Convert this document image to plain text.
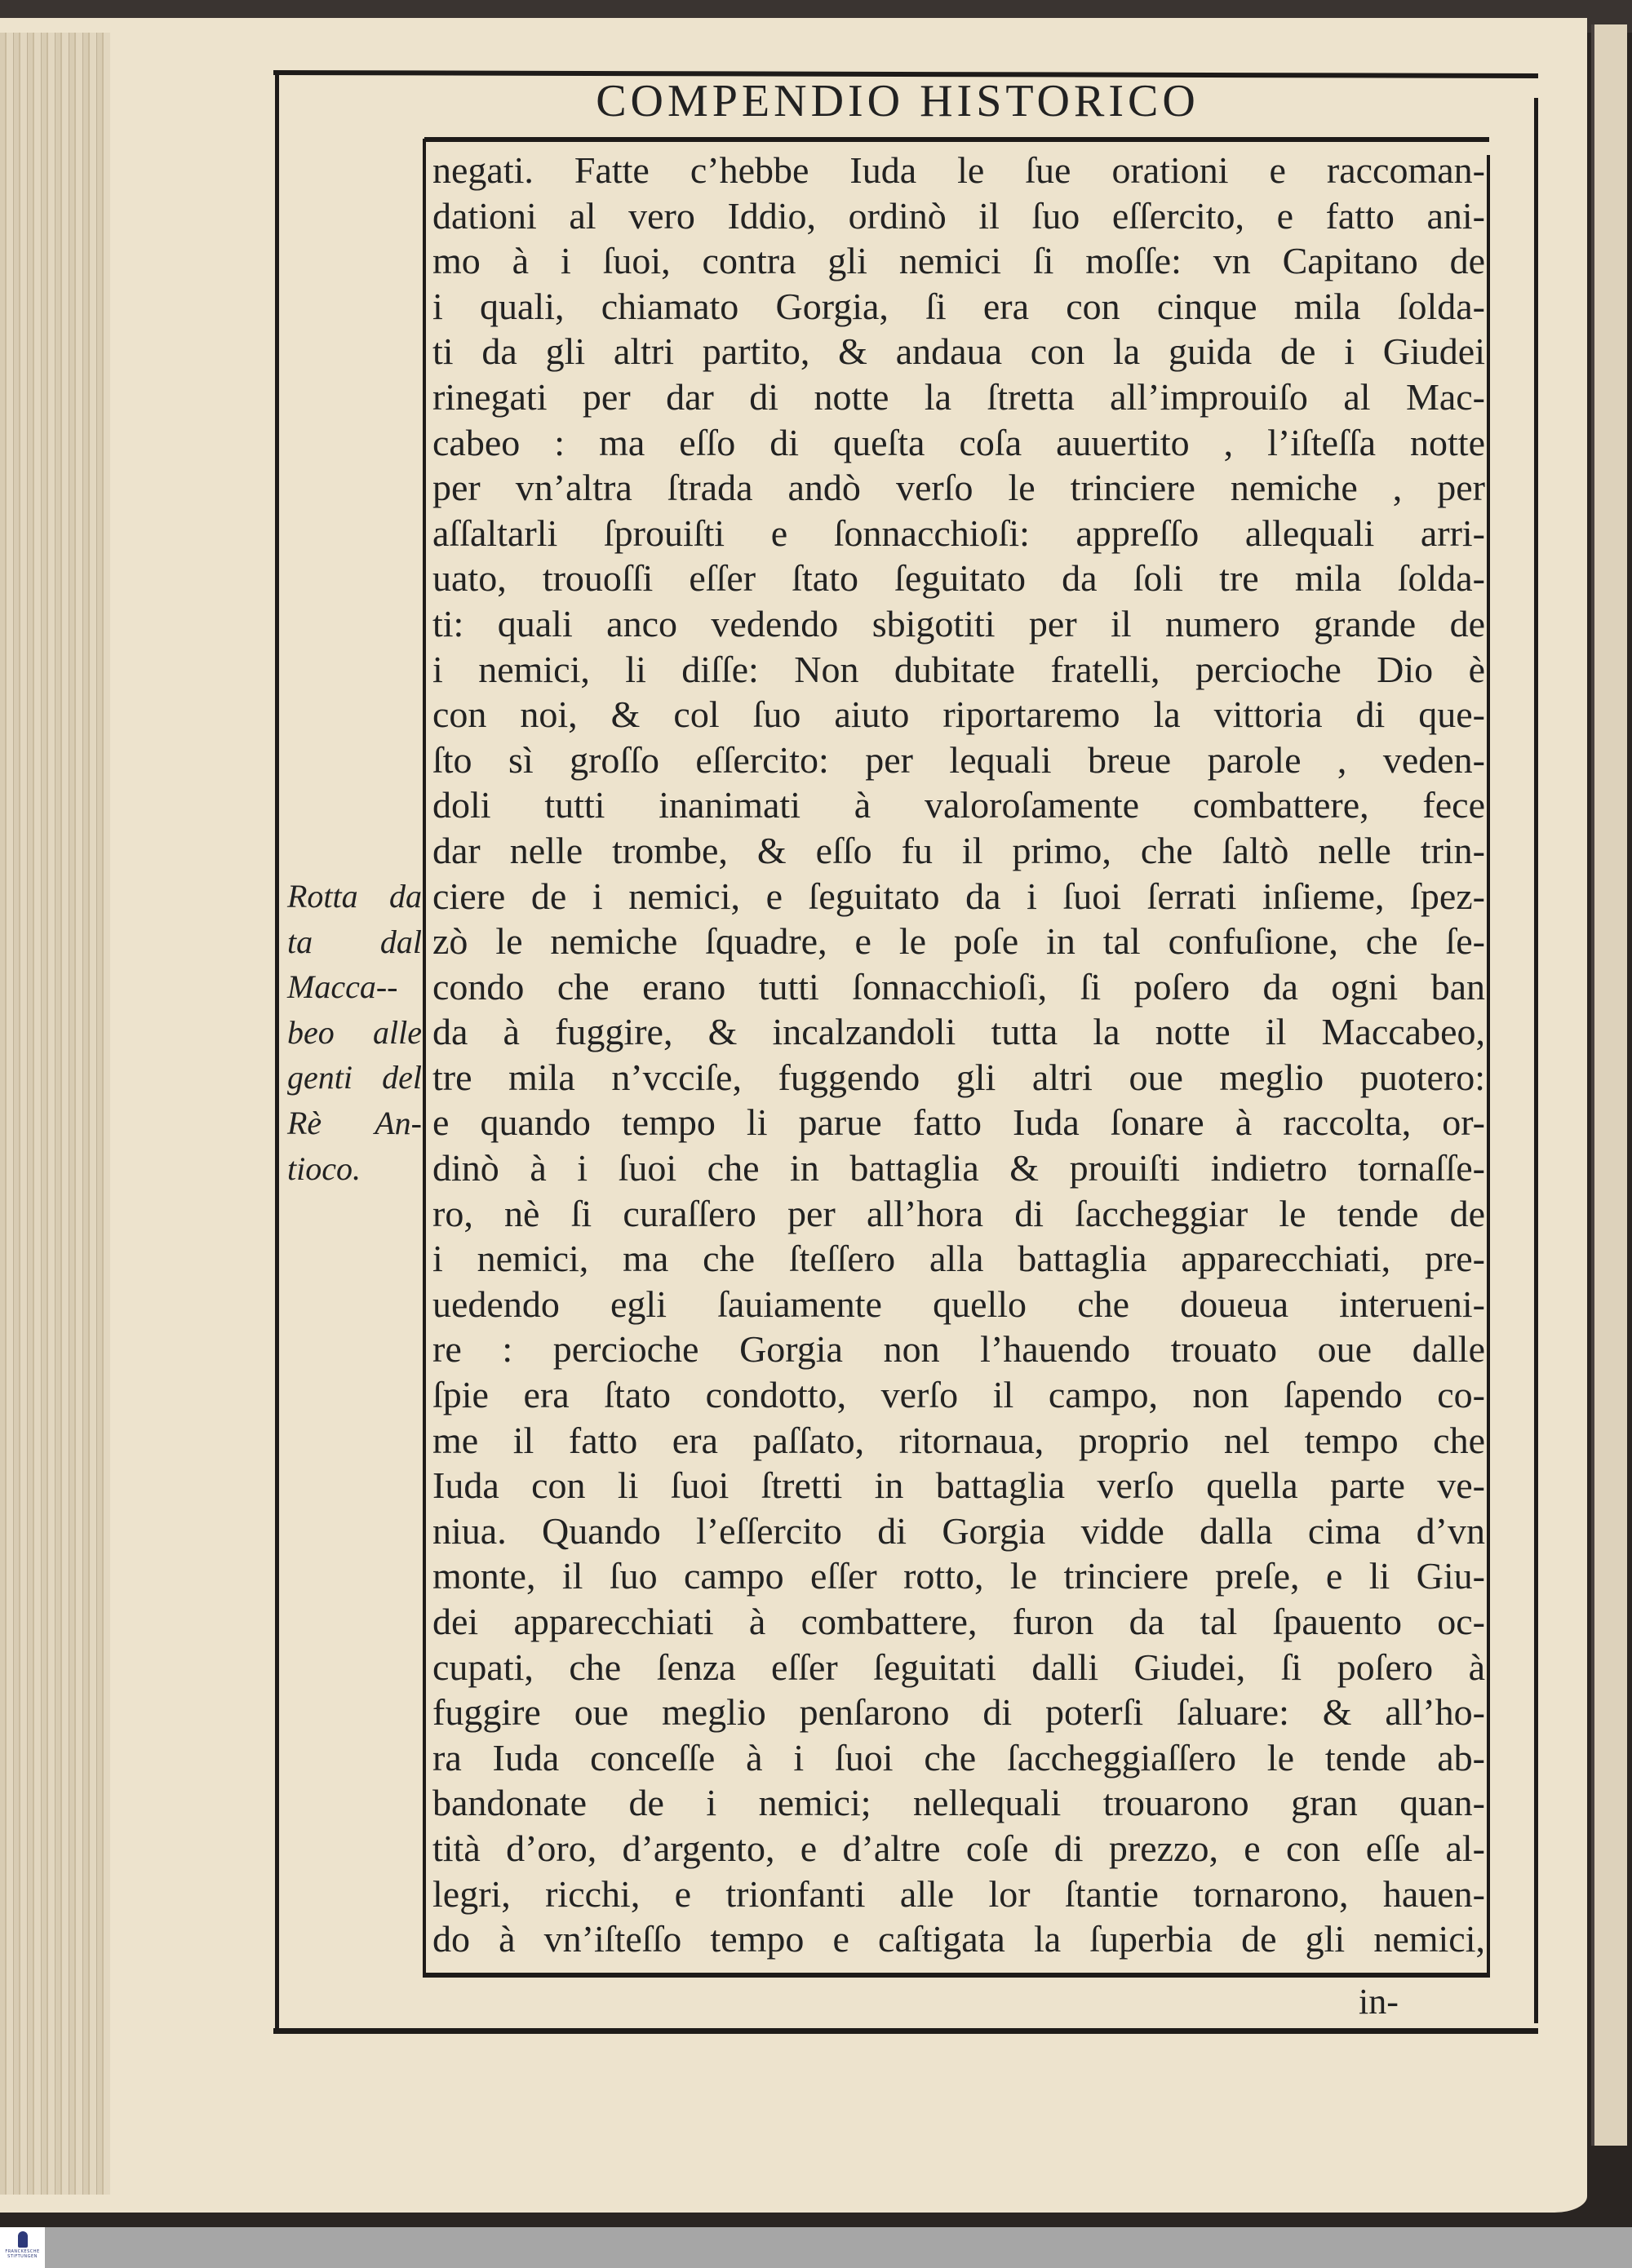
COMPENDIO HISTORICO
negati. Fatte c’hebbe Iuda le ſue orationi e raccoman-
dationi al vero Iddio, ordinò il ſuo eſſercito, e fatto ani-
mo à i ſuoi, contra gli nemici ſi moſſe: vn Capitano de
i quali, chiamato Gorgia, ſi era con cinque mila ſolda-
ti da gli altri partito, & andaua con la guida de i Giudei
rinegati per dar di notte la ſtretta all’improuiſo al Mac-
cabeo : ma eſſo di queſta coſa auuertito , l’iſteſſa notte
per vn’altra ſtrada andò verſo le trinciere nemiche , per
aſſaltarli ſprouiſti e ſonnacchioſi: appreſſo allequali arri-
uato, trouoſſi eſſer ſtato ſeguitato da ſoli tre mila ſolda-
ti: quali anco vedendo sbigotiti per il numero grande de
i nemici, li diſſe: Non dubitate fratelli, percioche Dio è
con noi, & col ſuo aiuto riportaremo la vittoria di que-
ſto sì groſſo eſſercito: per lequali breue parole , veden-
doli tutti inanimati à valoroſamente combattere, fece
dar nelle trombe, & eſſo fu il primo, che ſaltò nelle trin-
ciere de i nemici, e ſeguitato da i ſuoi ſerrati inſieme, ſpez-
zò le nemiche ſquadre, e le poſe in tal confuſione, che ſe-
condo che erano tutti ſonnacchioſi, ſi poſero da ogni ban
da à fuggire, & incalzandoli tutta la notte il Maccabeo,
tre mila n’vcciſe, fuggendo gli altri oue meglio puotero:
e quando tempo li parue fatto Iuda ſonare à raccolta, or-
dinò à i ſuoi che in battaglia & prouiſti indietro tornaſſe-
ro, nè ſi curaſſero per all’hora di ſaccheggiar le tende de
i nemici, ma che ſteſſero alla battaglia apparecchiati, pre-
uedendo egli ſauiamente quello che doueua interueni-
re : percioche Gorgia non l’hauendo trouato oue dalle
ſpie era ſtato condotto, verſo il campo, non ſapendo co-
me il fatto era paſſato, ritornaua, proprio nel tempo che
Iuda con li ſuoi ſtretti in battaglia verſo quella parte ve-
niua. Quando l’eſſercito di Gorgia vidde dalla cima d’vn
monte, il ſuo campo eſſer rotto, le trinciere preſe, e li Giu-
dei apparecchiati à combattere, furon da tal ſpauento oc-
cupati, che ſenza eſſer ſeguitati dalli Giudei, ſi poſero à
fuggire oue meglio penſarono di poterſi ſaluare: & all’ho-
ra Iuda conceſſe à i ſuoi che ſaccheggiaſſero le tende ab-
bandonate de i nemici; nellequali trouarono gran quan-
tità d’oro, d’argento, e d’altre coſe di prezzo, e con eſſe al-
legri, ricchi, e trionfanti alle lor ſtantie tornarono, hauen-
do à vn’iſteſſo tempo e caſtigata la ſuperbia de gli nemici,
Rotta da
ta dal
Macca--
beo alle
genti del
Rè An-
tioco.
in-
FRANCKESCHE
STIFTUNGEN
